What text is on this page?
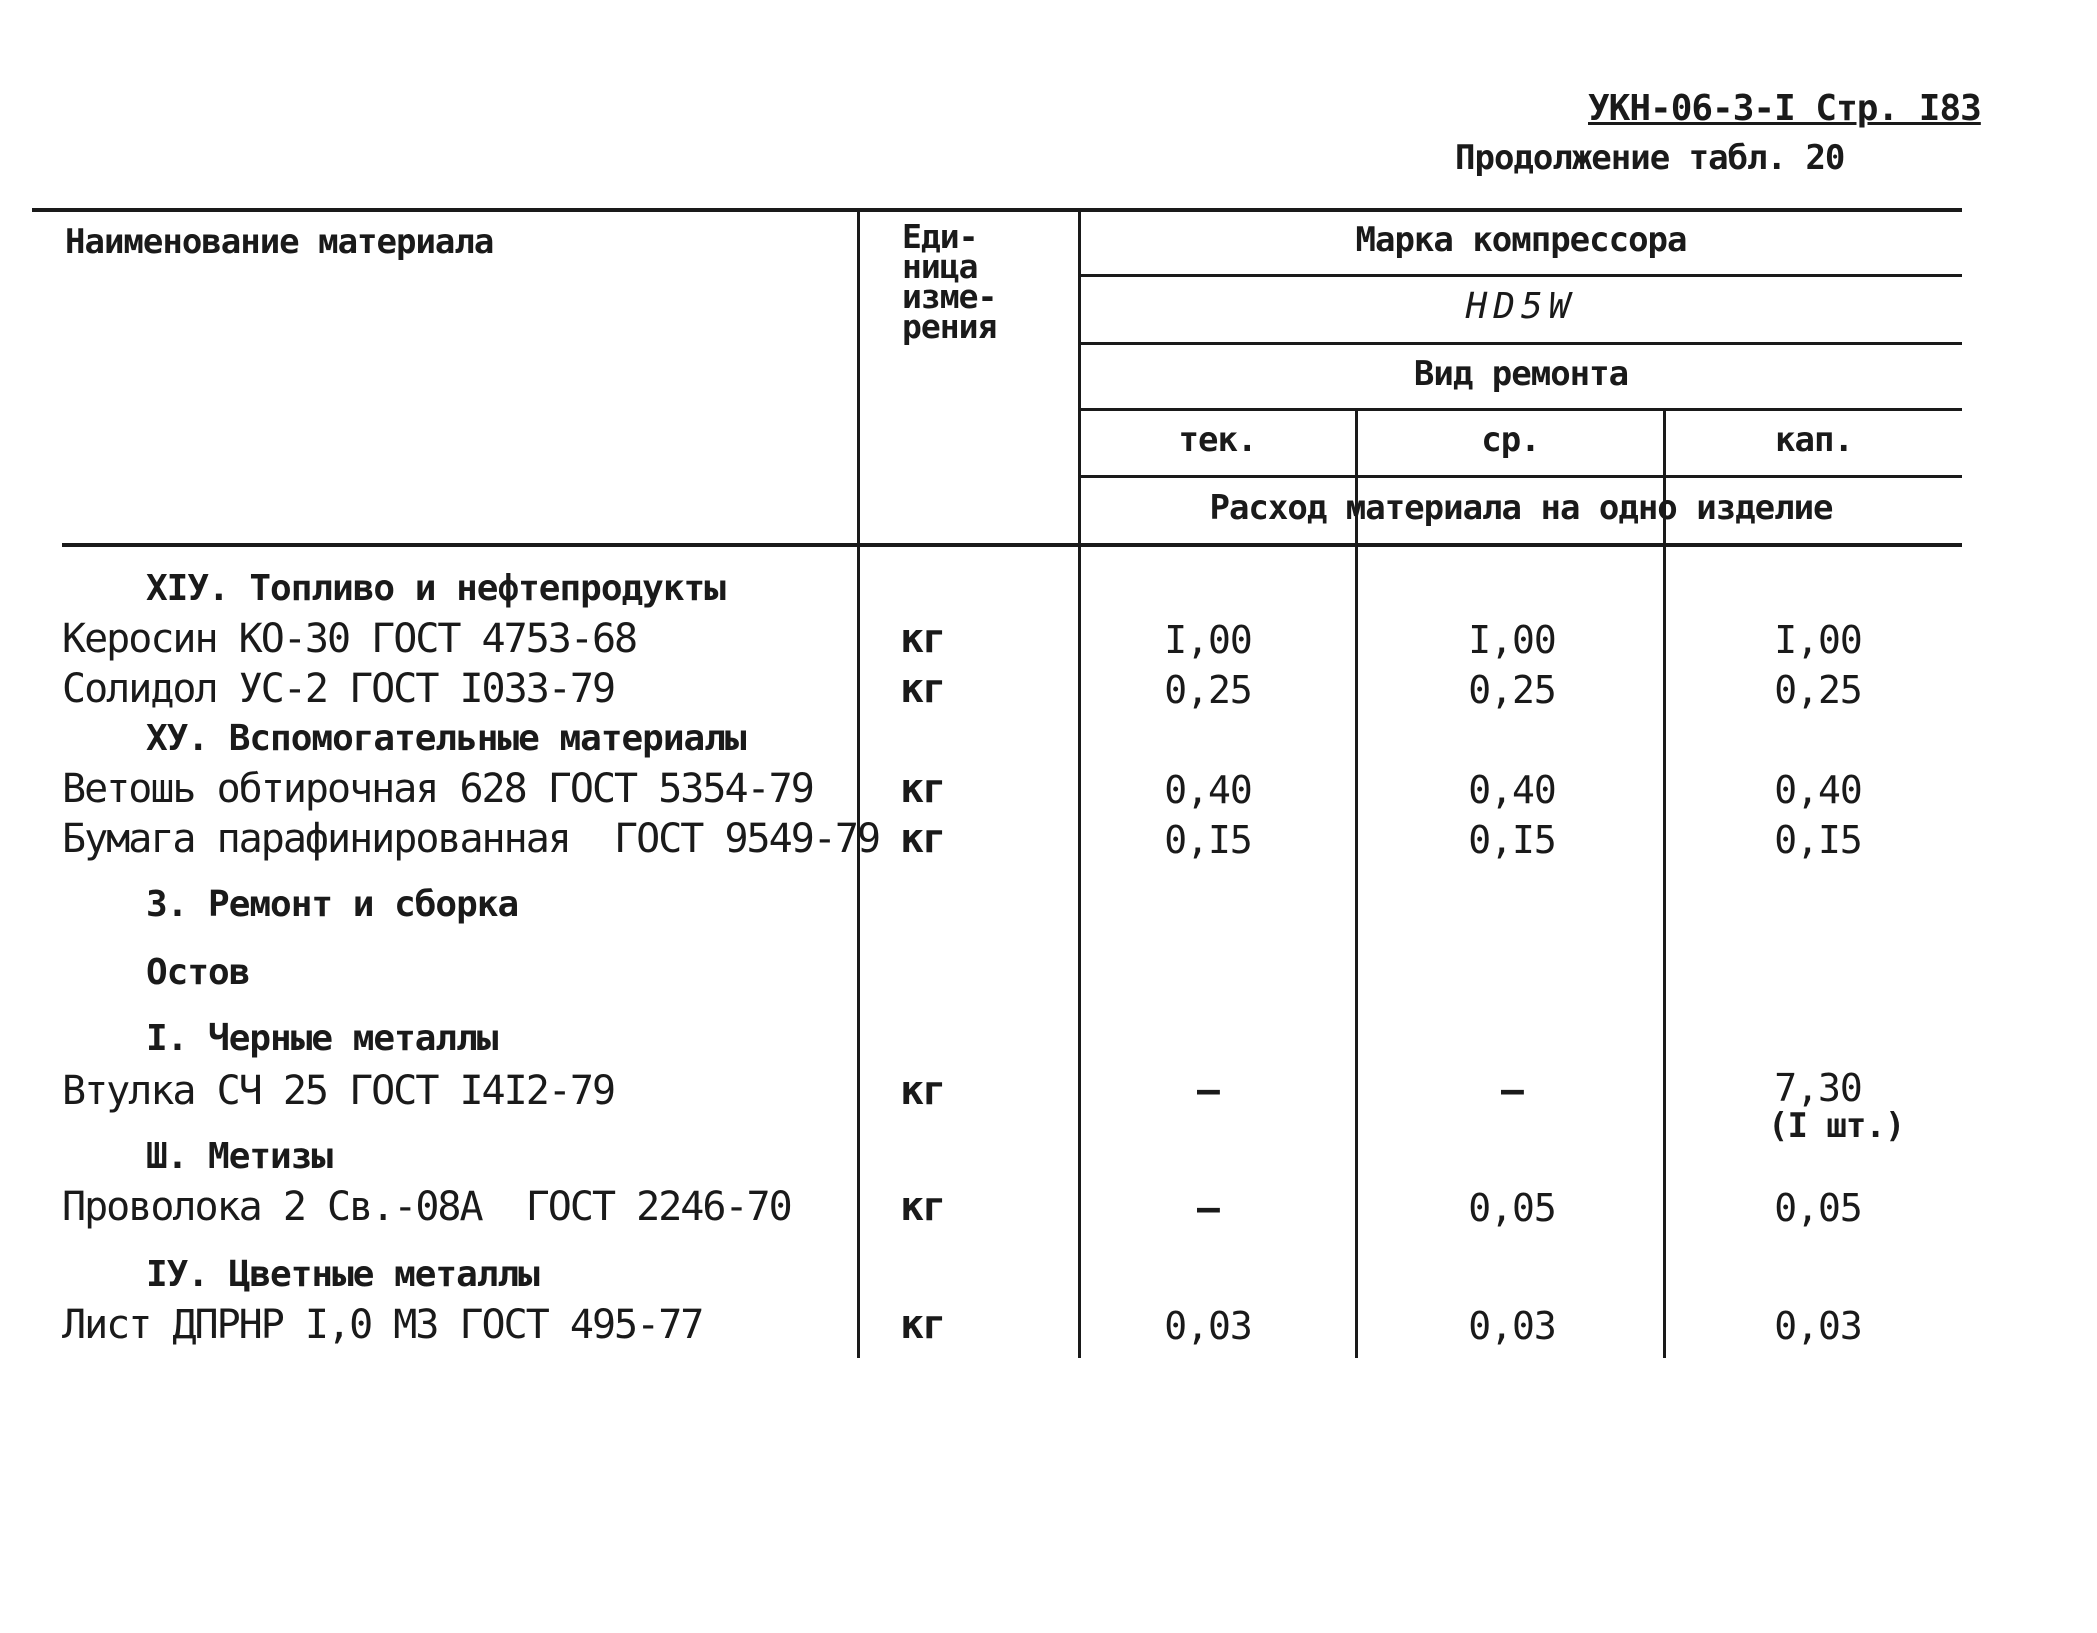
УКН-06-3-I Стр. I83
Продолжение табл. 20
Наименование материала	Еди-
ница
изме-
рения
Марка компрессора
HD5W
Вид ремонта
тек.	ср.	кап.
Расход материала на одно изделие
XIУ. Топливо и нефтепродукты
Керосин КО-30 ГОСТ 4753-68	кг	I,00	I,00	I,00
Солидол УС-2 ГОСТ I033-79	кг	0,25	0,25	0,25
ХУ. Вспомогательные материалы
Ветошь обтирочная 628 ГОСТ 5354-79 кг	0,40	0,40	0,40
Бумага парафинированная  ГОСТ 9549-79 кг	0,I5	0,I5	0,I5
3. Ремонт и сборка
Остов
I. Черные металлы
Втулка СЧ 25 ГОСТ I4I2-79	кг	–	–	7,30
(I шт.)
Ш. Метизы
Проволока 2 Св.-08А  ГОСТ 2246-70	кг	–	0,05	0,05
IУ. Цветные металлы
Лист ДПРНР I,0 М3 ГОСТ 495-77	кг	0,03	0,03	0,03
